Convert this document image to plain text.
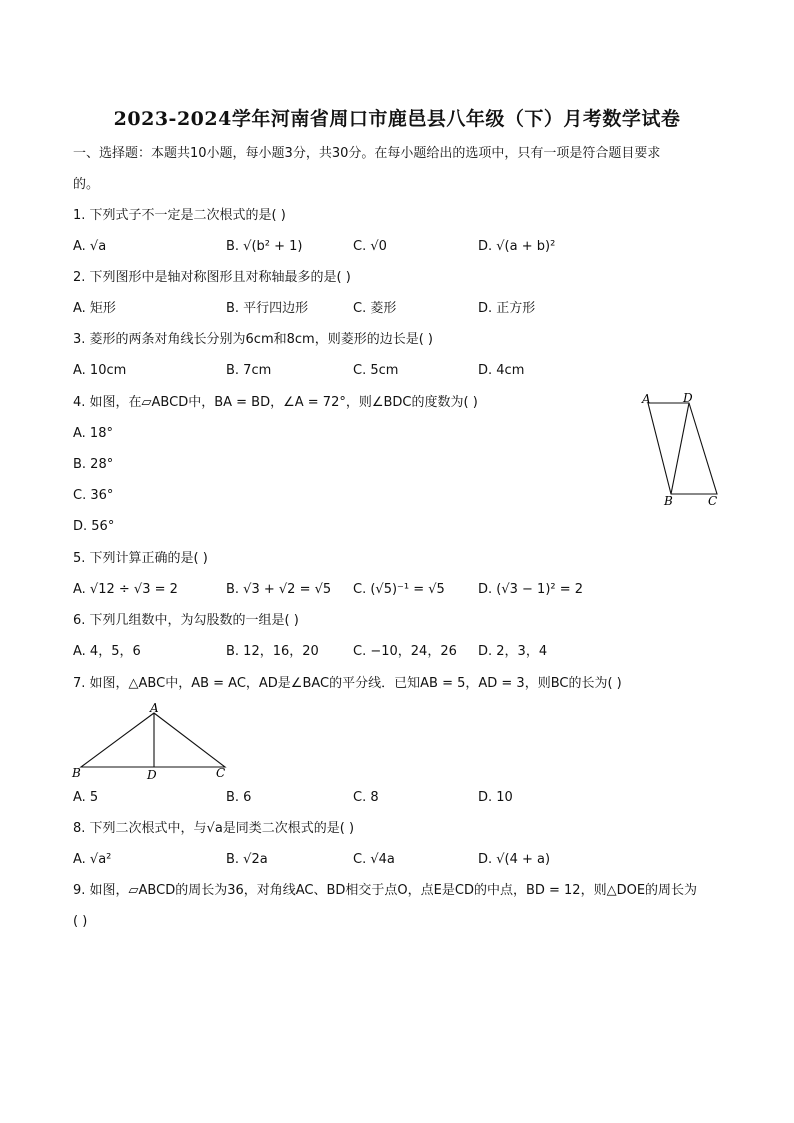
2023-2024学年河南省周口市鹿邑县八年级（下）月考数学试卷
一、选择题：本题共10小题，每小题3分，共30分。在每小题给出的选项中，只有一项是符合题目要求
的。
1. 下列式子不一定是二次根式的是( )
A. √a	B. √(b² + 1)	C. √0	D. √(a + b)²
2. 下列图形中是轴对称图形且对称轴最多的是( )
A. 矩形	B. 平行四边形	C. 菱形	D. 正方形
3. 菱形的两条对角线长分别为6cm和8cm，则菱形的边长是( )
A. 10cm	B. 7cm	C. 5cm	D. 4cm
4. 如图，在▱ABCD中，BA = BD，∠A = 72°，则∠BDC的度数为( )
A. 18°
B. 28°
C. 36°
D. 56°
A	D
B	C
5. 下列计算正确的是( )
A. √12 ÷ √3 = 2	B. √3 + √2 = √5 C. (√5)⁻¹ = √5	D. (√3 − 1)² = 2
6. 下列几组数中，为勾股数的一组是( )
A. 4，5，6	B. 12，16，20	C. −10，24，26 D. 2，3，4
7. 如图，△ABC中，AB = AC，AD是∠BAC的平分线．已知AB = 5，AD = 3，则BC的长为( )
A
B	D	C
A. 5	B. 6	C. 8	D. 10
8. 下列二次根式中，与√a是同类二次根式的是( )
A. √a²	B. √2a	C. √4a	D. √(4 + a)
9. 如图，▱ABCD的周长为36，对角线AC、BD相交于点O，点E是CD的中点，BD = 12，则△DOE的周长为
( )
